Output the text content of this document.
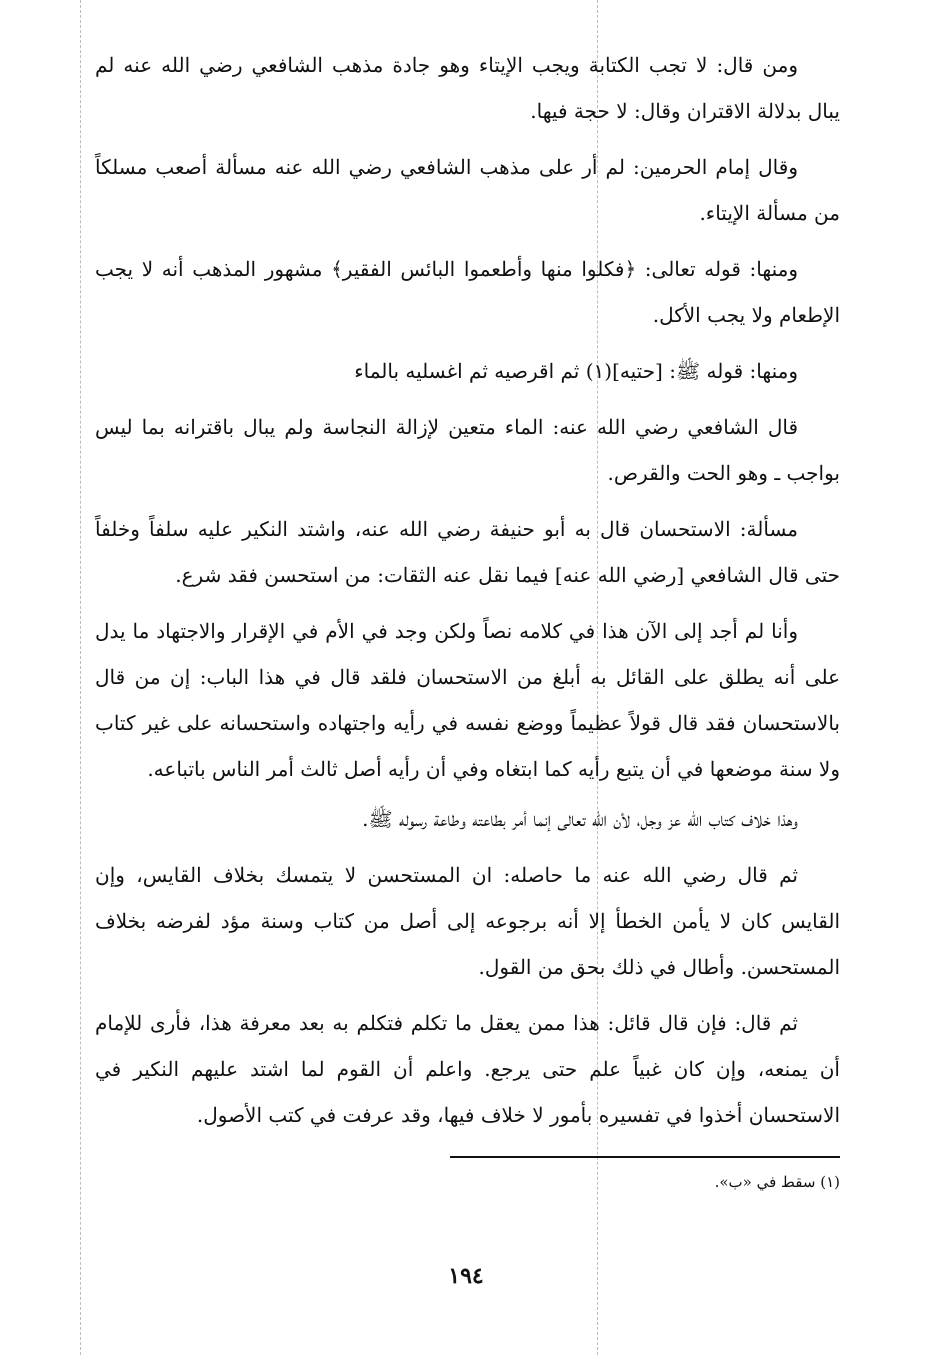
ومن قال: لا تجب الكتابة ويجب الإيتاء وهو جادة مذهب الشافعي رضي الله عنه لم يبال بدلالة الاقتران وقال: لا حجة فيها.

وقال إمام الحرمين: لم أر على مذهب الشافعي رضي الله عنه مسألة أصعب مسلكاً من مسألة الإيتاء.

ومنها: قوله تعالى: ﴿فكلوا منها وأطعموا البائس الفقير﴾ مشهور المذهب أنه لا يجب الإطعام ولا يجب الأكل.

ومنها: قوله ﷺ: [حتيه](١) ثم اقرصيه ثم اغسليه بالماء

قال الشافعي رضي الله عنه: الماء متعين لإزالة النجاسة ولم يبال باقترانه بما ليس بواجب ـ وهو الحت والقرص.

مسألة: الاستحسان قال به أبو حنيفة رضي الله عنه، واشتد النكير عليه سلفاً وخلفاً حتى قال الشافعي [رضي الله عنه] فيما نقل عنه الثقات: من استحسن فقد شرع.

وأنا لم أجد إلى الآن هذا في كلامه نصاً ولكن وجد في الأم في الإقرار والاجتهاد ما يدل على أنه يطلق على القائل به أبلغ من الاستحسان فلقد قال في هذا الباب: إن من قال بالاستحسان فقد قال قولاً عظيماً ووضع نفسه في رأيه واجتهاده واستحسانه على غير كتاب ولا سنة موضعها في أن يتبع رأيه كما ابتغاه وفي أن رأيه أصل ثالث أمر الناس باتباعه.

وهذا خلاف كتاب الله عز وجل، لأن الله تعالى إنما أمر بطاعته وطاعة رسوله ﷺ.

ثم قال رضي الله عنه ما حاصله: ان المستحسن لا يتمسك بخلاف القايس، وإن القايس كان لا يأمن الخطأ إلا أنه برجوعه إلى أصل من كتاب وسنة مؤد لفرضه بخلاف المستحسن. وأطال في ذلك بحق من القول.

ثم قال: فإن قال قائل: هذا ممن يعقل ما تكلم فتكلم به بعد معرفة هذا، فأرى للإمام أن يمنعه، وإن كان غبياً علم حتى يرجع. واعلم أن القوم لما اشتد عليهم النكير في الاستحسان أخذوا في تفسيره بأمور لا خلاف فيها، وقد عرفت في كتب الأصول.

(١) سقط في «ب».

١٩٤
